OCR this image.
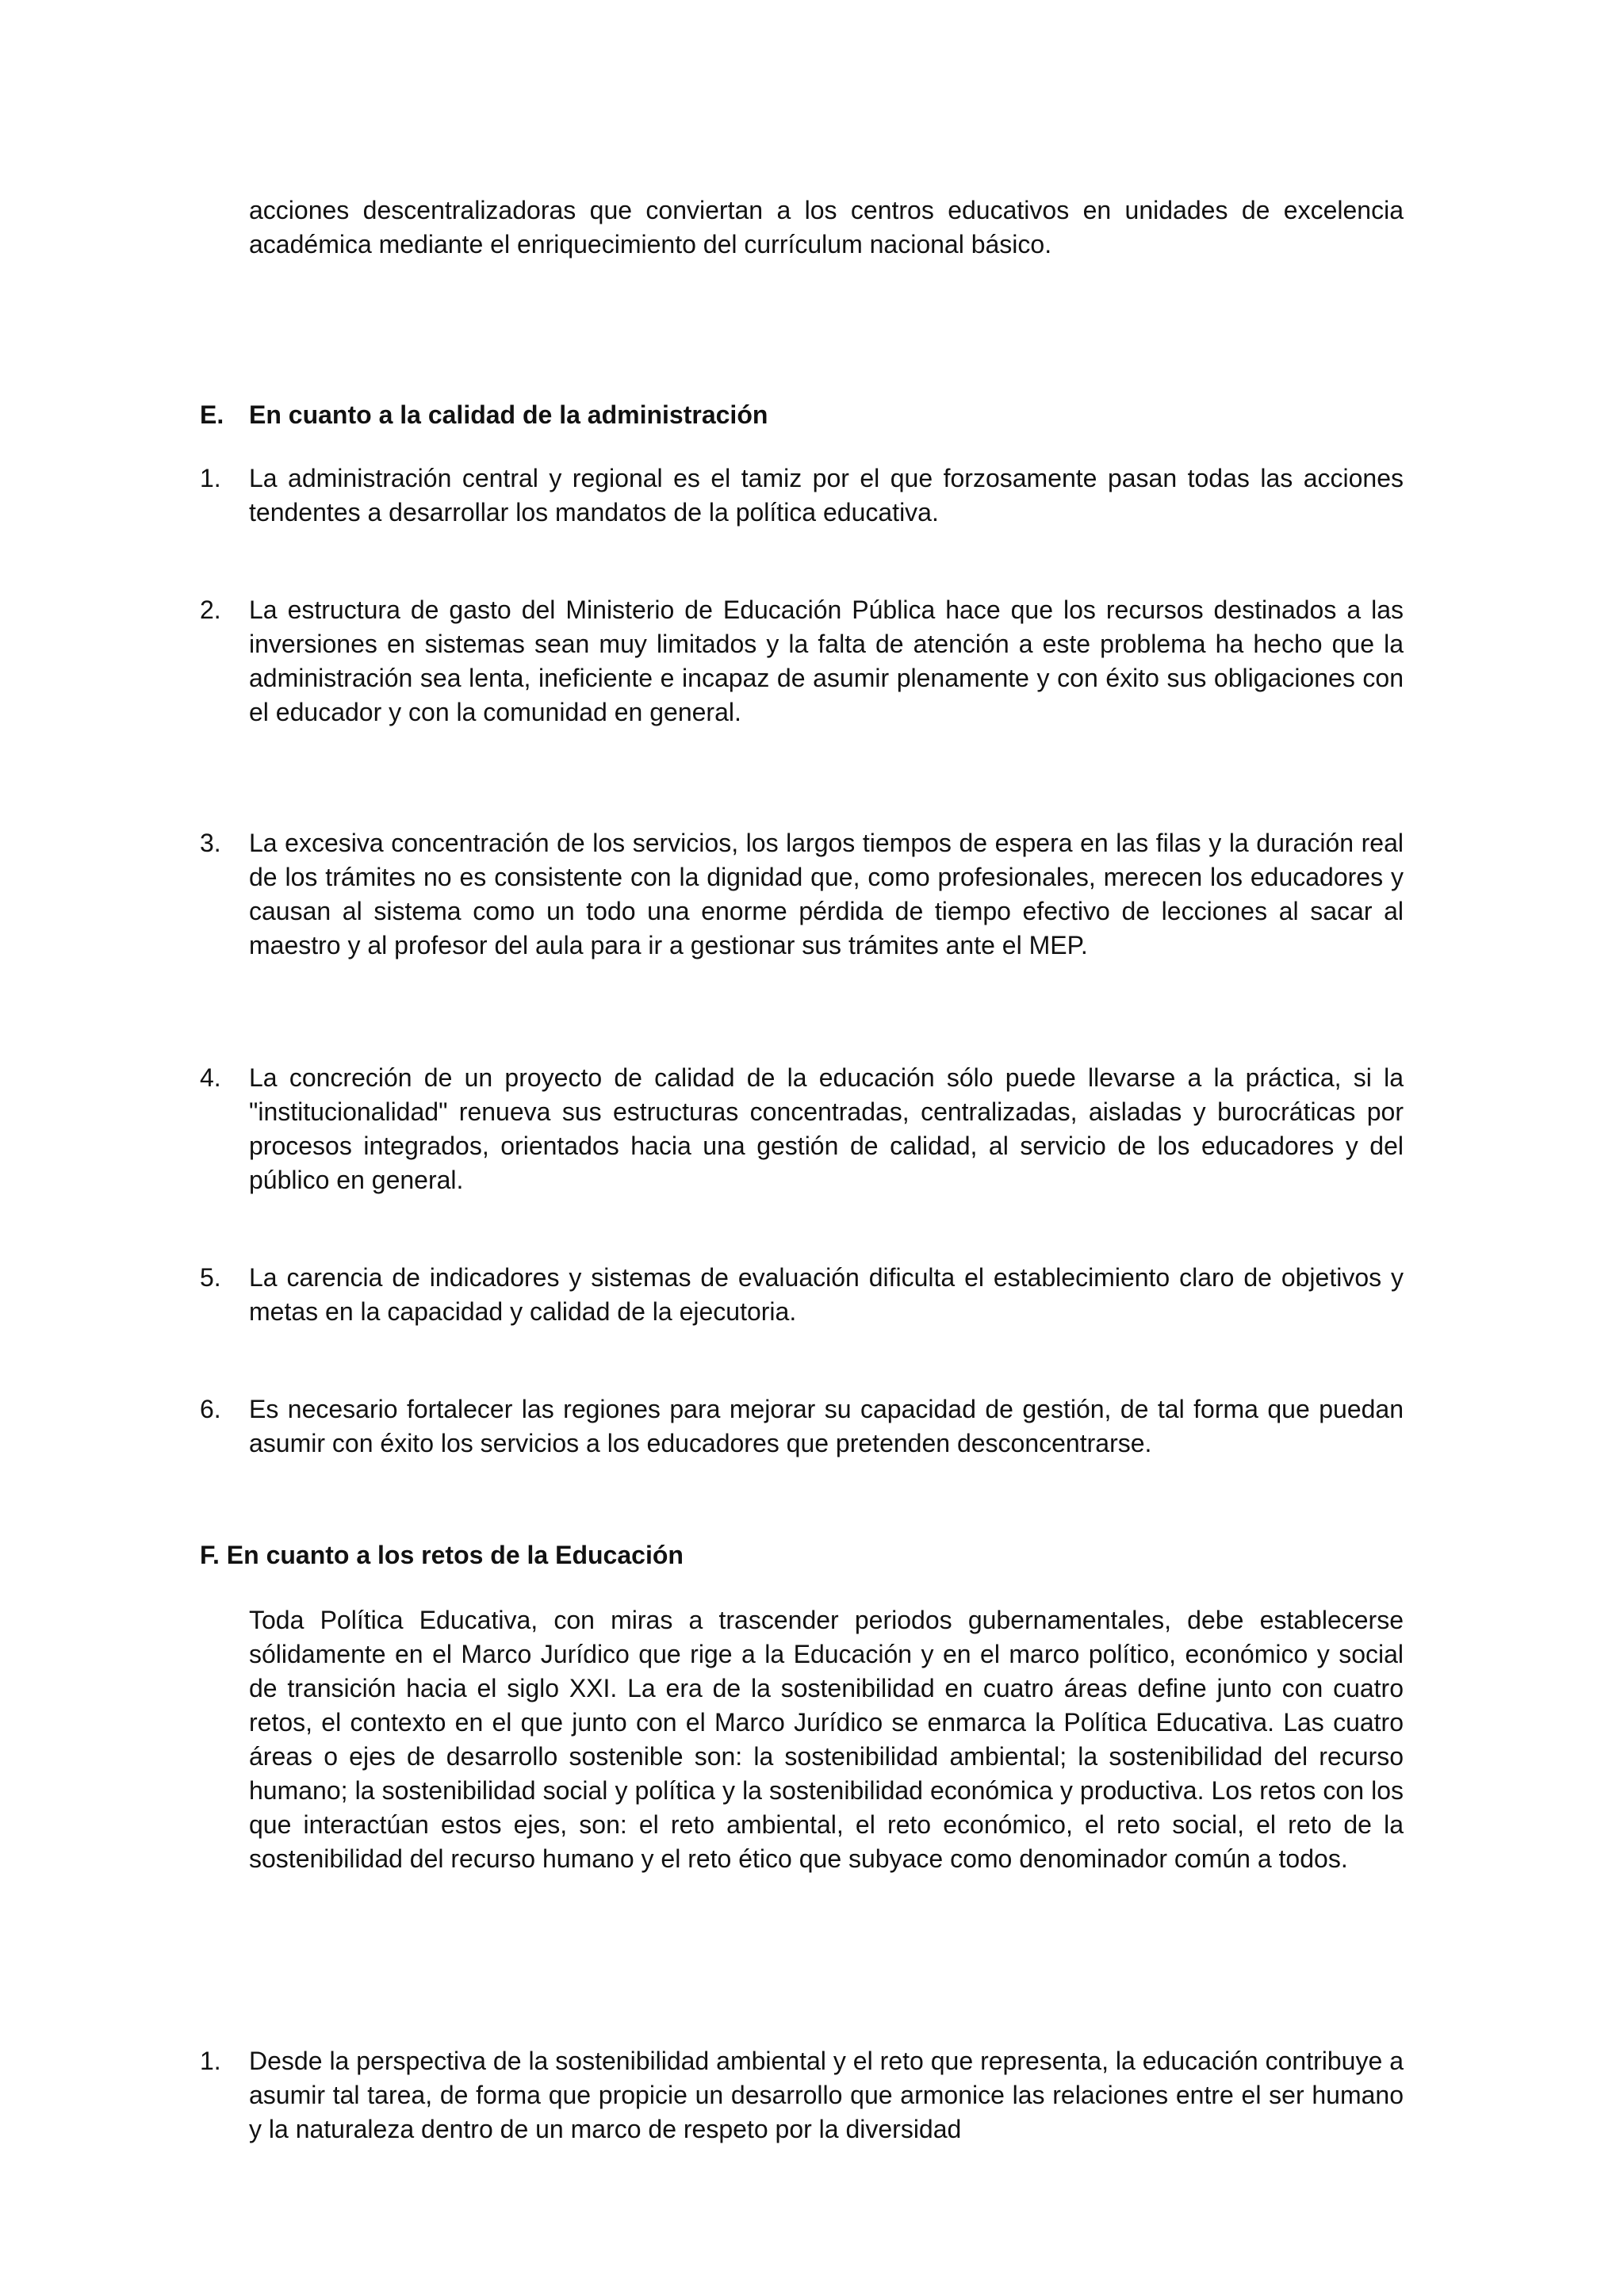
acciones descentralizadoras que conviertan a los centros educativos en unidades de excelencia académica mediante el enriquecimiento del currículum nacional básico.

E. En cuanto a la calidad de la administración
1. La administración central y regional es el tamiz por el que forzosamente pasan todas las acciones tendentes a desarrollar los mandatos de la política educativa.
2. La estructura de gasto del Ministerio de Educación Pública hace que los recursos destinados a las inversiones en sistemas sean muy limitados y la falta de atención a este problema ha hecho que la administración sea lenta, ineficiente e incapaz de asumir plenamente y con éxito sus obligaciones con el educador y con la comunidad en general.
3. La excesiva concentración de los servicios, los largos tiempos de espera en las filas y la duración real de los trámites no es consistente con la dignidad que, como profesionales, merecen los educadores y causan al sistema como un todo una enorme pérdida de tiempo efectivo de lecciones al sacar al maestro y al profesor del aula para ir a gestionar sus trámites ante el MEP.
4. La concreción de un proyecto de calidad de la educación sólo puede llevarse a la práctica, si la "institucionalidad" renueva sus estructuras concentradas, centralizadas, aisladas y burocráticas por procesos integrados, orientados hacia una gestión de calidad, al servicio de los educadores y del público en general.
5. La carencia de indicadores y sistemas de evaluación dificulta el establecimiento claro de objetivos y metas en la capacidad y calidad de la ejecutoria.
6. Es necesario fortalecer las regiones para mejorar su capacidad de gestión, de tal forma que puedan asumir con éxito los servicios a los educadores que pretenden desconcentrarse.
F. En cuanto a los retos de la Educación

Toda Política Educativa, con miras a trascender periodos gubernamentales, debe establecerse sólidamente en el Marco Jurídico que rige a la Educación y en el marco político, económico y social de transición hacia el siglo XXI. La era de la sostenibilidad en cuatro áreas define junto con cuatro retos, el contexto en el que junto con el Marco Jurídico se enmarca la Política Educativa. Las cuatro áreas o ejes de desarrollo sostenible son: la sostenibilidad ambiental; la sostenibilidad del recurso humano; la sostenibilidad social y política y la sostenibilidad económica y productiva. Los retos con los que interactúan estos ejes, son: el reto ambiental, el reto económico, el reto social, el reto de la sostenibilidad del recurso humano y el reto ético que subyace como denominador común a todos.

1. Desde la perspectiva de la sostenibilidad ambiental y el reto que representa, la educación contribuye a asumir tal tarea, de forma que propicie un desarrollo que armonice las relaciones entre el ser humano y la naturaleza dentro de un marco de respeto por la diversidad
